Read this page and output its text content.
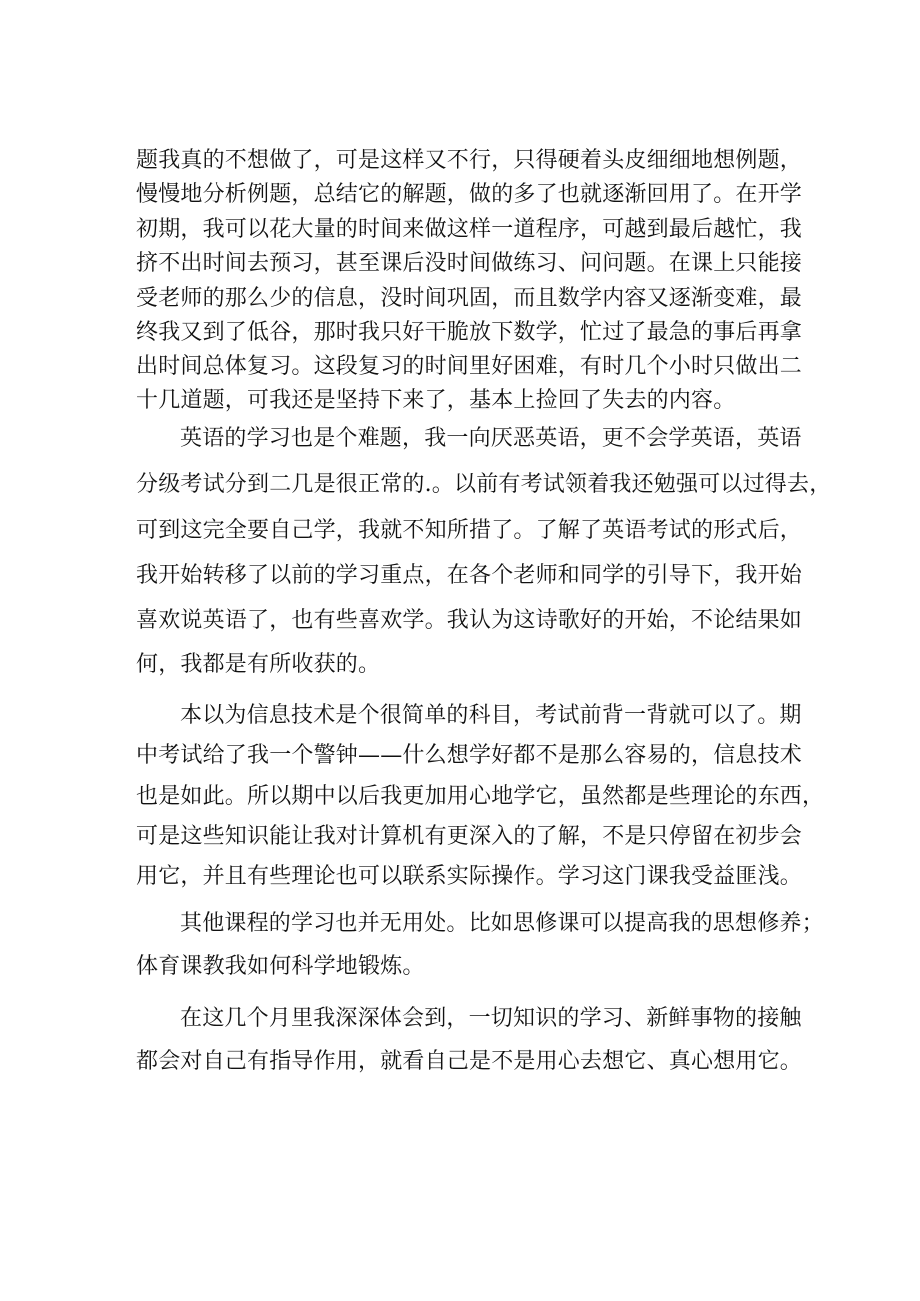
题我真的不想做了，可是这样又不行，只得硬着头皮细细地想例题，
慢慢地分析例题，总结它的解题，做的多了也就逐渐回用了。在开学
初期，我可以花大量的时间来做这样一道程序，可越到最后越忙，我
挤不出时间去预习，甚至课后没时间做练习、问问题。在课上只能接
受老师的那么少的信息，没时间巩固，而且数学内容又逐渐变难，最
终我又到了低谷，那时我只好干脆放下数学，忙过了最急的事后再拿
出时间总体复习。这段复习的时间里好困难，有时几个小时只做出二
十几道题，可我还是坚持下来了，基本上捡回了失去的内容。
英语的学习也是个难题，我一向厌恶英语，更不会学英语，英语
分级考试分到二几是很正常的.。以前有考试领着我还勉强可以过得去，
可到这完全要自己学，我就不知所措了。了解了英语考试的形式后，
我开始转移了以前的学习重点，在各个老师和同学的引导下，我开始
喜欢说英语了，也有些喜欢学。我认为这诗歌好的开始，不论结果如
何，我都是有所收获的。
本以为信息技术是个很简单的科目，考试前背一背就可以了。期
中考试给了我一个警钟——什么想学好都不是那么容易的，信息技术
也是如此。所以期中以后我更加用心地学它，虽然都是些理论的东西，
可是这些知识能让我对计算机有更深入的了解，不是只停留在初步会
用它，并且有些理论也可以联系实际操作。学习这门课我受益匪浅。
其他课程的学习也并无用处。比如思修课可以提高我的思想修养；
体育课教我如何科学地锻炼。
在这几个月里我深深体会到，一切知识的学习、新鲜事物的接触
都会对自己有指导作用，就看自己是不是用心去想它、真心想用它。
